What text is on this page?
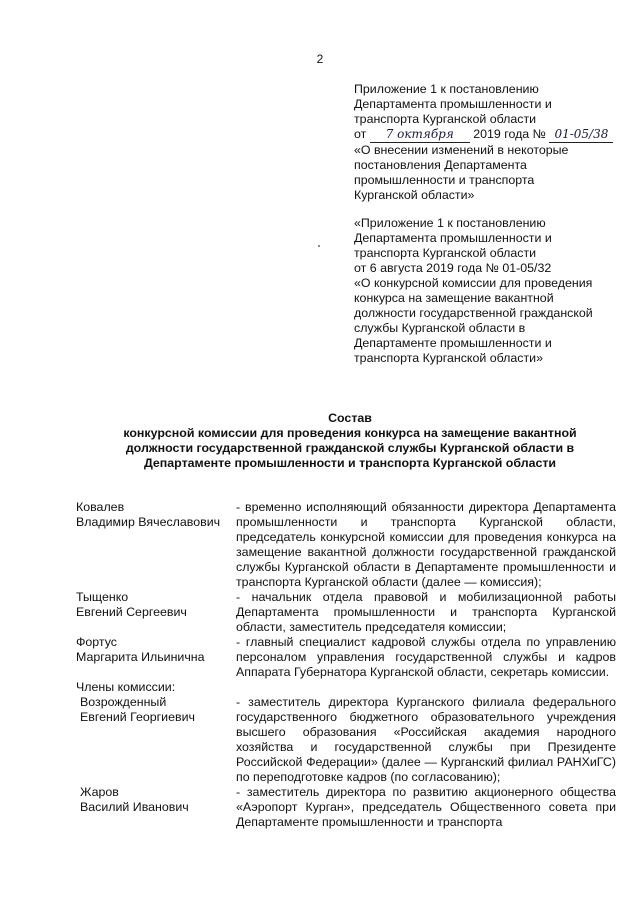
2
Приложение 1 к постановлению
Департамента промышленности и
транспорта Курганской области
от 7 октября 2019 года № 01-05/38
«О внесении изменений в некоторые
постановления Департамента
промышленности и транспорта
Курганской области»
«Приложение 1 к постановлению
Департамента промышленности и
транспорта Курганской области
от 6 августа 2019 года № 01-05/32
«О конкурсной комиссии для проведения
конкурса на замещение вакантной
должности государственной гражданской
службы Курганской области в
Департаменте промышленности и
транспорта Курганской области»
Состав
конкурсной комиссии для проведения конкурса на замещение вакантной
должности государственной гражданской службы Курганской области в
Департаменте промышленности и транспорта Курганской области
Ковалев
Владимир Вячеславович
- временно исполняющий обязанности директора Департамента промышленности и транспорта Курганской области, председатель конкурсной комиссии для проведения конкурса на замещение вакантной должности государственной гражданской службы Курганской области в Департаменте промышленности и транспорта Курганской области (далее — комиссия);
Тыщенко
Евгений Сергеевич
- начальник отдела правовой и мобилизационной работы Департамента промышленности и транспорта Курганской области, заместитель председателя комиссии;
Фортус
Маргарита Ильинична
- главный специалист кадровой службы отдела по управлению персоналом управления государственной службы и кадров Аппарата Губернатора Курганской области, секретарь комиссии.
Члены комиссии:
Возрожденный
Евгений Георгиевич
- заместитель директора Курганского филиала федерального государственного бюджетного образовательного учреждения высшего образования «Российская академия народного хозяйства и государственной службы при Президенте Российской Федерации» (далее — Курганский филиал РАНХиГС) по переподготовке кадров (по согласованию);
Жаров
Василий Иванович
- заместитель директора по развитию акционерного общества «Аэропорт Курган», председатель Общественного совета при Департаменте промышленности и транспорта
